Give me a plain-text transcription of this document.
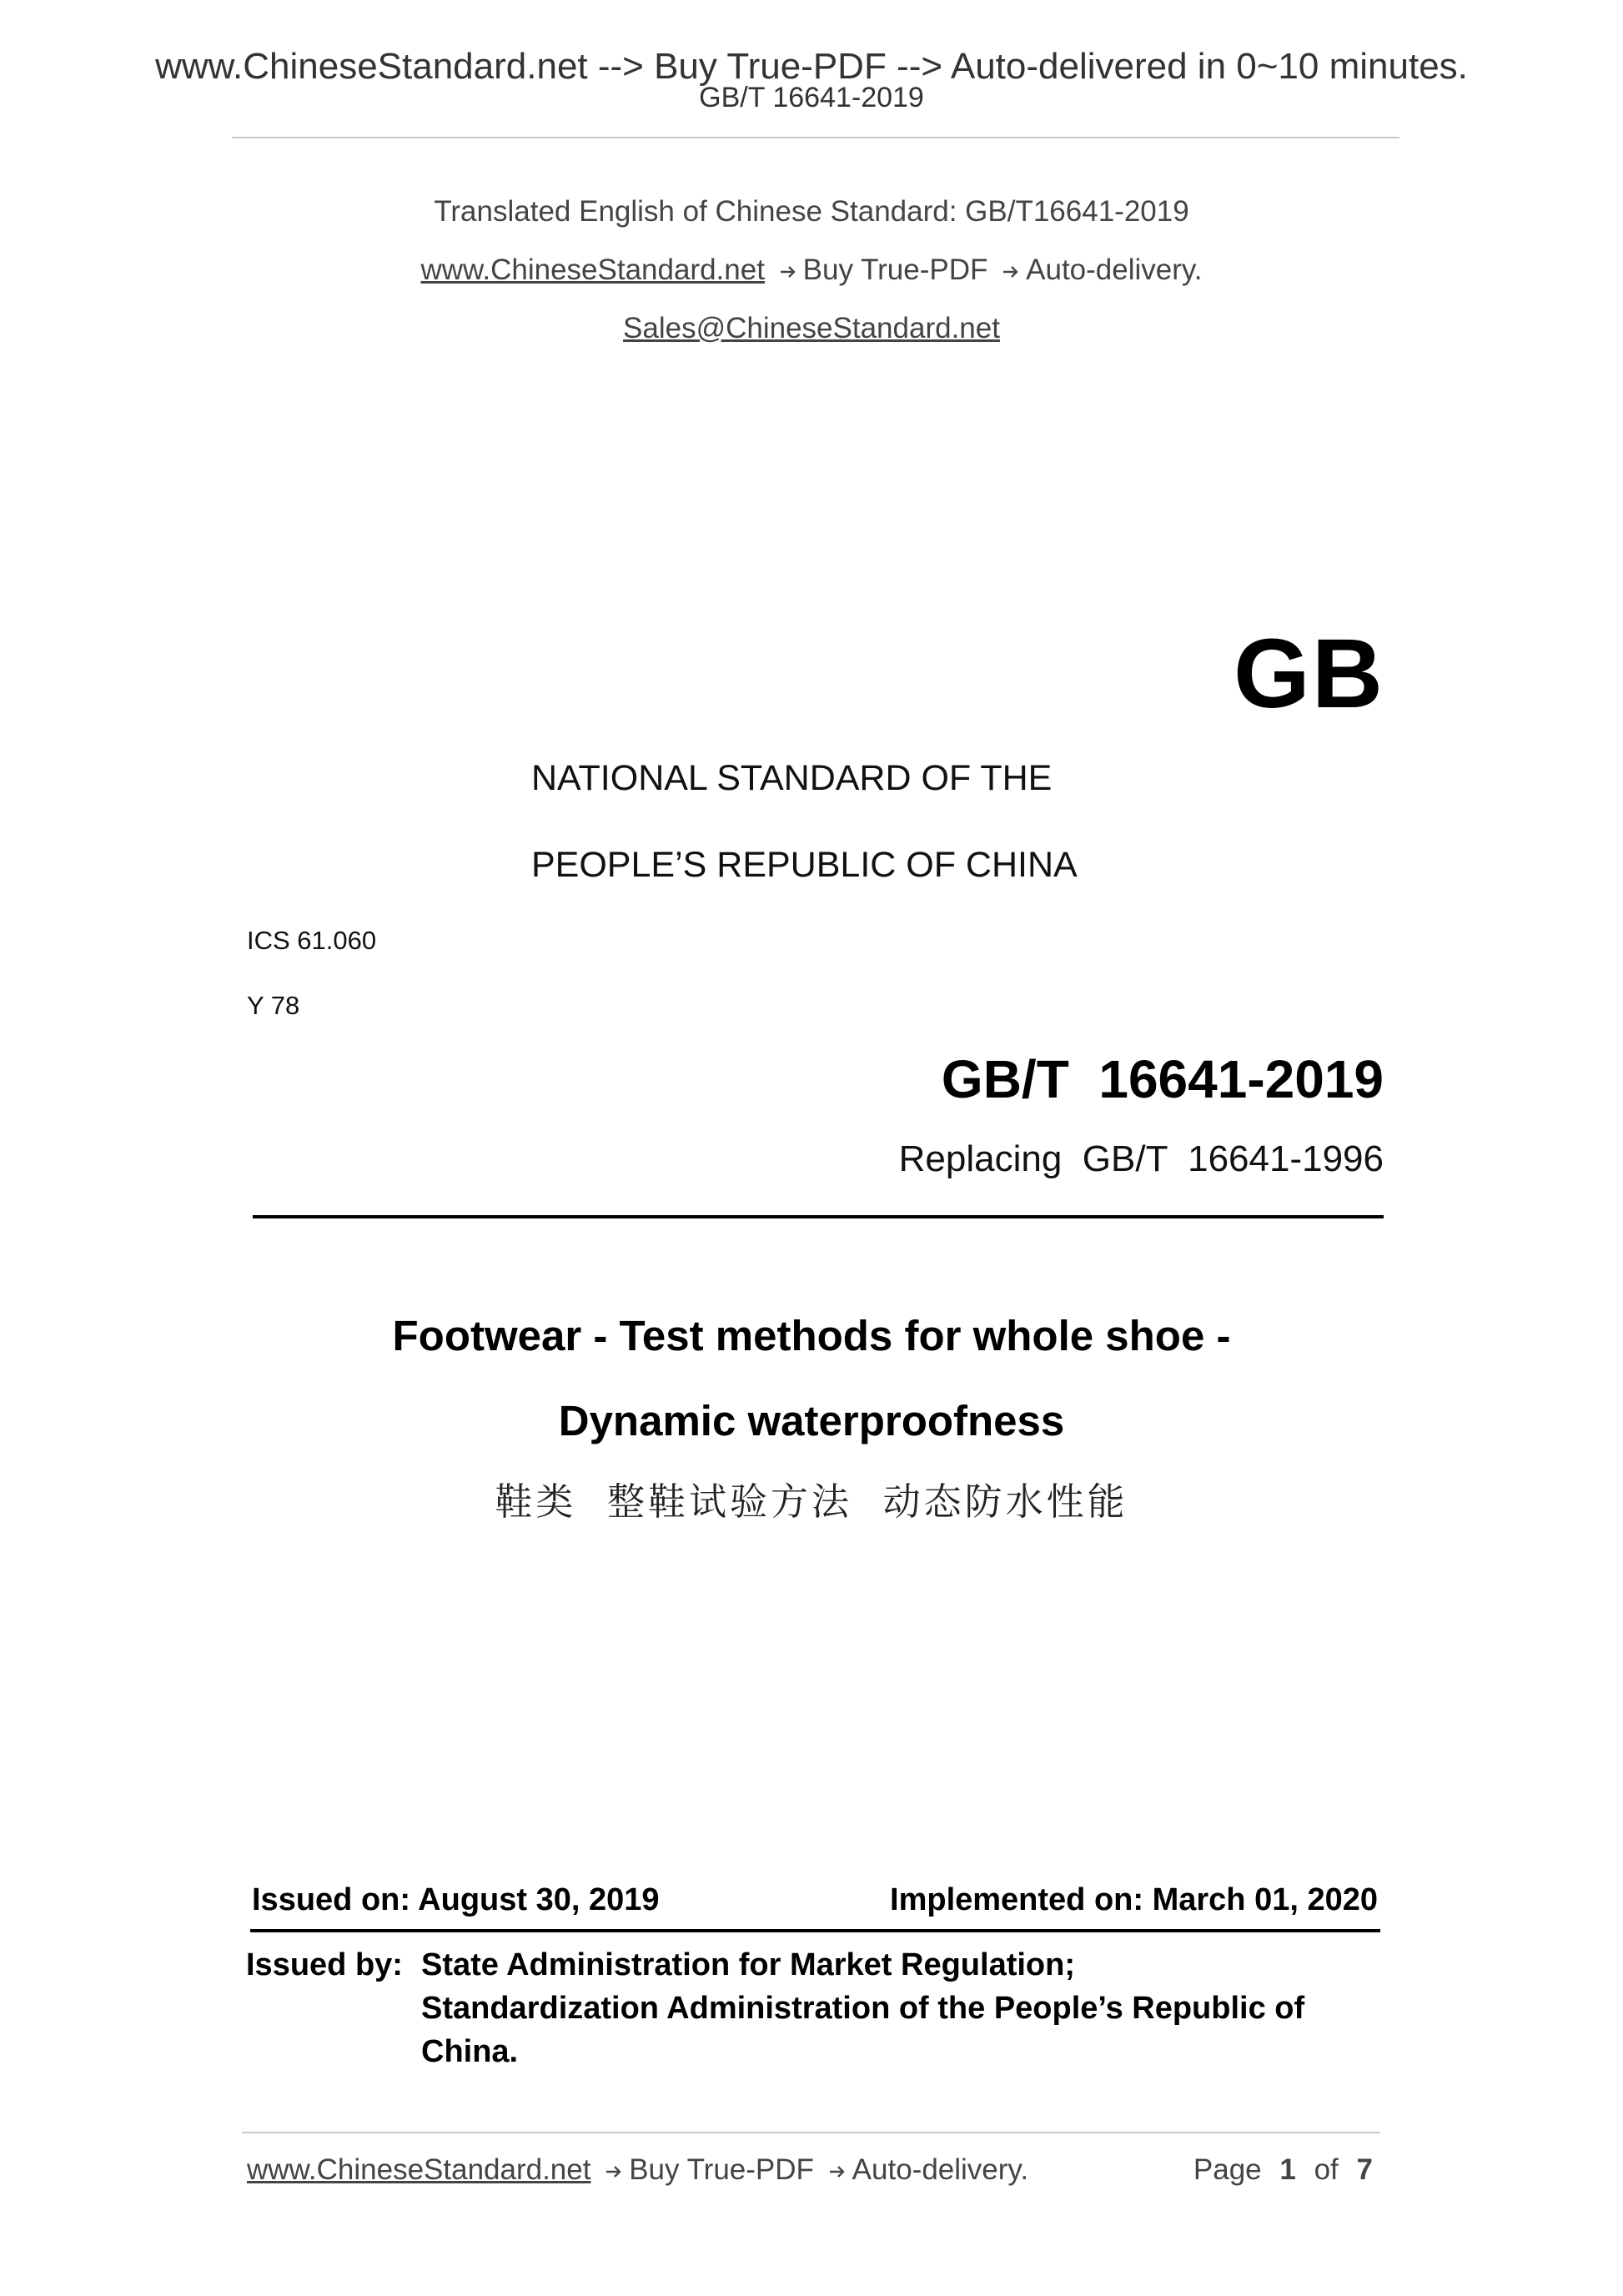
www.ChineseStandard.net --> Buy True-PDF --> Auto-delivered in 0~10 minutes.
GB/T 16641-2019
Translated English of Chinese Standard: GB/T16641-2019
www.ChineseStandard.net Buy True-PDF Auto-delivery.
Sales@ChineseStandard.net
GB
NATIONAL STANDARD OF THE
PEOPLE’S REPUBLIC OF CHINA
ICS 61.060
Y 78
GB/T  16641-2019
Replacing  GB/T  16641-1996
Footwear - Test methods for whole shoe -
Dynamic waterproofness
鞋类  整鞋试验方法  动态防水性能
Issued on: August 30, 2019	Implemented on: March 01, 2020
Issued by: State Administration for Market Regulation;
Standardization Administration of the People’s Republic of
China.
www.ChineseStandard.net Buy True-PDF Auto-delivery.	Page 1 of 7
